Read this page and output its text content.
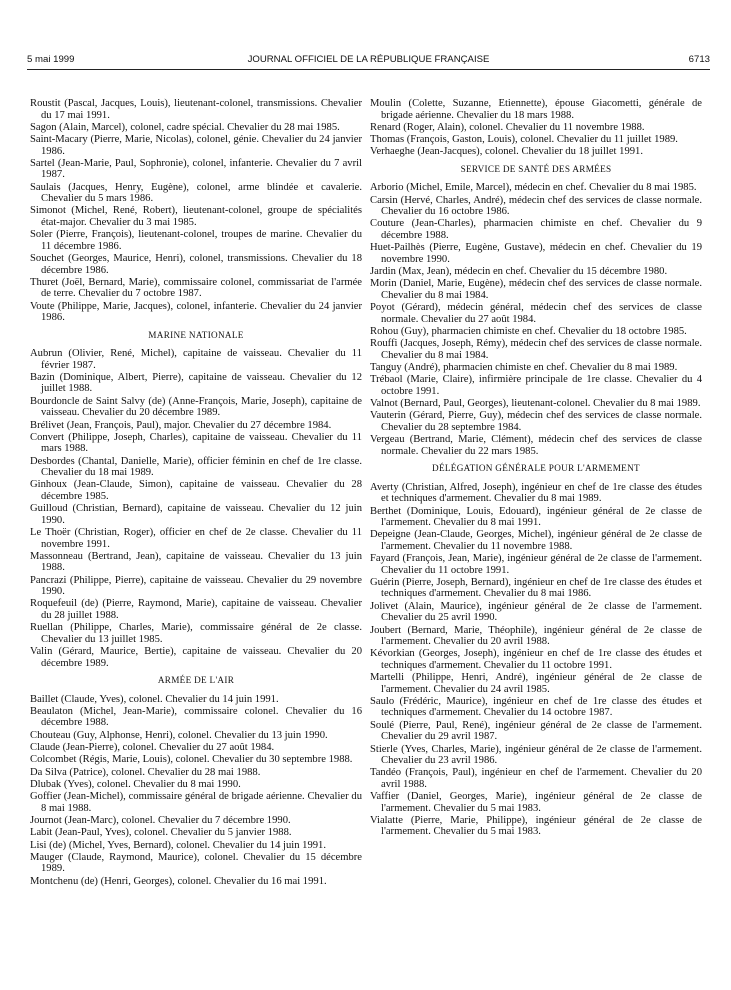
5 mai 1999	JOURNAL OFFICIEL DE LA RÉPUBLIQUE FRANÇAISE	6713

Roustit (Pascal, Jacques, Louis), lieutenant-colonel, transmissions. Chevalier du 17 mai 1991.

Sagon (Alain, Marcel), colonel, cadre spécial. Chevalier du 28 mai 1985.

Saint-Macary (Pierre, Marie, Nicolas), colonel, génie. Chevalier du 24 janvier 1986.

Sartel (Jean-Marie, Paul, Sophronie), colonel, infanterie. Chevalier du 7 avril 1987.

Saulais (Jacques, Henry, Eugène), colonel, arme blindée et cavalerie. Chevalier du 5 mars 1986.

Simonot (Michel, René, Robert), lieutenant-colonel, groupe de spécialités état-major. Chevalier du 3 mai 1985.

Soler (Pierre, François), lieutenant-colonel, troupes de marine. Chevalier du 11 décembre 1986.

Souchet (Georges, Maurice, Henri), colonel, transmissions. Chevalier du 18 décembre 1986.

Thuret (Joël, Bernard, Marie), commissaire colonel, commissariat de l'armée de terre. Chevalier du 7 octobre 1987.

Voute (Philippe, Marie, Jacques), colonel, infanterie. Chevalier du 24 janvier 1986.

MARINE NATIONALE

Aubrun (Olivier, René, Michel), capitaine de vaisseau. Chevalier du 11 février 1987.

Bazin (Dominique, Albert, Pierre), capitaine de vaisseau. Chevalier du 12 juillet 1988.

Bourdoncle de Saint Salvy (de) (Anne-François, Marie, Joseph), capitaine de vaisseau. Chevalier du 20 décembre 1989.

Brélivet (Jean, François, Paul), major. Chevalier du 27 décembre 1984.

Convert (Philippe, Joseph, Charles), capitaine de vaisseau. Chevalier du 11 mars 1988.

Desbordes (Chantal, Danielle, Marie), officier féminin en chef de 1re classe. Chevalier du 18 mai 1989.

Ginhoux (Jean-Claude, Simon), capitaine de vaisseau. Chevalier du 28 décembre 1985.

Guilloud (Christian, Bernard), capitaine de vaisseau. Chevalier du 12 juin 1990.

Le Thoër (Christian, Roger), officier en chef de 2e classe. Chevalier du 11 novembre 1991.

Massonneau (Bertrand, Jean), capitaine de vaisseau. Chevalier du 13 juin 1988.

Pancrazi (Philippe, Pierre), capitaine de vaisseau. Chevalier du 29 novembre 1990.

Roquefeuil (de) (Pierre, Raymond, Marie), capitaine de vaisseau. Chevalier du 28 juillet 1988.

Ruellan (Philippe, Charles, Marie), commissaire général de 2e classe. Chevalier du 13 juillet 1985.

Valin (Gérard, Maurice, Bertie), capitaine de vaisseau. Chevalier du 20 décembre 1989.

ARMÉE DE L'AIR

Baillet (Claude, Yves), colonel. Chevalier du 14 juin 1991.

Beaulaton (Michel, Jean-Marie), commissaire colonel. Chevalier du 16 décembre 1988.

Chouteau (Guy, Alphonse, Henri), colonel. Chevalier du 13 juin 1990.

Claude (Jean-Pierre), colonel. Chevalier du 27 août 1984.

Colcombet (Régis, Marie, Louis), colonel. Chevalier du 30 septembre 1988.

Da Silva (Patrice), colonel. Chevalier du 28 mai 1988.

Dlubak (Yves), colonel. Chevalier du 8 mai 1990.

Goffier (Jean-Michel), commissaire général de brigade aérienne. Chevalier du 8 mai 1988.

Journot (Jean-Marc), colonel. Chevalier du 7 décembre 1990.

Labit (Jean-Paul, Yves), colonel. Chevalier du 5 janvier 1988.

Lisi (de) (Michel, Yves, Bernard), colonel. Chevalier du 14 juin 1991.

Mauger (Claude, Raymond, Maurice), colonel. Chevalier du 15 décembre 1989.

Montchenu (de) (Henri, Georges), colonel. Chevalier du 16 mai 1991.

Moulin (Colette, Suzanne, Etiennette), épouse Giacometti, générale de brigade aérienne. Chevalier du 18 mars 1988.

Renard (Roger, Alain), colonel. Chevalier du 11 novembre 1988.

Thomas (François, Gaston, Louis), colonel. Chevalier du 11 juillet 1989.

Verhaeghe (Jean-Jacques), colonel. Chevalier du 18 juillet 1991.

SERVICE DE SANTÉ DES ARMÉES

Arborio (Michel, Emile, Marcel), médecin en chef. Chevalier du 8 mai 1985.

Carsin (Hervé, Charles, André), médecin chef des services de classe normale. Chevalier du 16 octobre 1986.

Couture (Jean-Charles), pharmacien chimiste en chef. Chevalier du 9 décembre 1988.

Huet-Pailhès (Pierre, Eugène, Gustave), médecin en chef. Chevalier du 19 novembre 1990.

Jardin (Max, Jean), médecin en chef. Chevalier du 15 décembre 1980.

Morin (Daniel, Marie, Eugène), médecin chef des services de classe normale. Chevalier du 8 mai 1984.

Poyot (Gérard), médecin général, médecin chef des services de classe normale. Chevalier du 27 août 1984.

Rohou (Guy), pharmacien chimiste en chef. Chevalier du 18 octobre 1985.

Rouffi (Jacques, Joseph, Rémy), médecin chef des services de classe normale. Chevalier du 8 mai 1984.

Tanguy (André), pharmacien chimiste en chef. Chevalier du 8 mai 1989.

Trébaol (Marie, Claire), infirmière principale de 1re classe. Chevalier du 4 octobre 1991.

Valnot (Bernard, Paul, Georges), lieutenant-colonel. Chevalier du 8 mai 1989.

Vauterin (Gérard, Pierre, Guy), médecin chef des services de classe normale. Chevalier du 28 septembre 1984.

Vergeau (Bertrand, Marie, Clément), médecin chef des services de classe normale. Chevalier du 22 mars 1985.

DÉLÉGATION GÉNÉRALE POUR L'ARMEMENT

Averty (Christian, Alfred, Joseph), ingénieur en chef de 1re classe des études et techniques d'armement. Chevalier du 8 mai 1989.

Berthet (Dominique, Louis, Edouard), ingénieur général de 2e classe de l'armement. Chevalier du 8 mai 1991.

Depeigne (Jean-Claude, Georges, Michel), ingénieur général de 2e classe de l'armement. Chevalier du 11 novembre 1988.

Fayard (François, Jean, Marie), ingénieur général de 2e classe de l'armement. Chevalier du 11 octobre 1991.

Guérin (Pierre, Joseph, Bernard), ingénieur en chef de 1re classe des études et techniques d'armement. Chevalier du 8 mai 1986.

Jolivet (Alain, Maurice), ingénieur général de 2e classe de l'armement. Chevalier du 25 avril 1990.

Joubert (Bernard, Marie, Théophile), ingénieur général de 2e classe de l'armement. Chevalier du 20 avril 1988.

Kévorkian (Georges, Joseph), ingénieur en chef de 1re classe des études et techniques d'armement. Chevalier du 11 octobre 1991.

Martelli (Philippe, Henri, André), ingénieur général de 2e classe de l'armement. Chevalier du 24 avril 1985.

Saulo (Frédéric, Maurice), ingénieur en chef de 1re classe des études et techniques d'armement. Chevalier du 14 octobre 1987.

Soulé (Pierre, Paul, René), ingénieur général de 2e classe de l'armement. Chevalier du 29 avril 1987.

Stierle (Yves, Charles, Marie), ingénieur général de 2e classe de l'armement. Chevalier du 23 avril 1986.

Tandéo (François, Paul), ingénieur en chef de l'armement. Chevalier du 20 avril 1988.

Vaffier (Daniel, Georges, Marie), ingénieur général de 2e classe de l'armement. Chevalier du 5 mai 1983.

Vialatte (Pierre, Marie, Philippe), ingénieur général de 2e classe de l'armement. Chevalier du 5 mai 1983.
